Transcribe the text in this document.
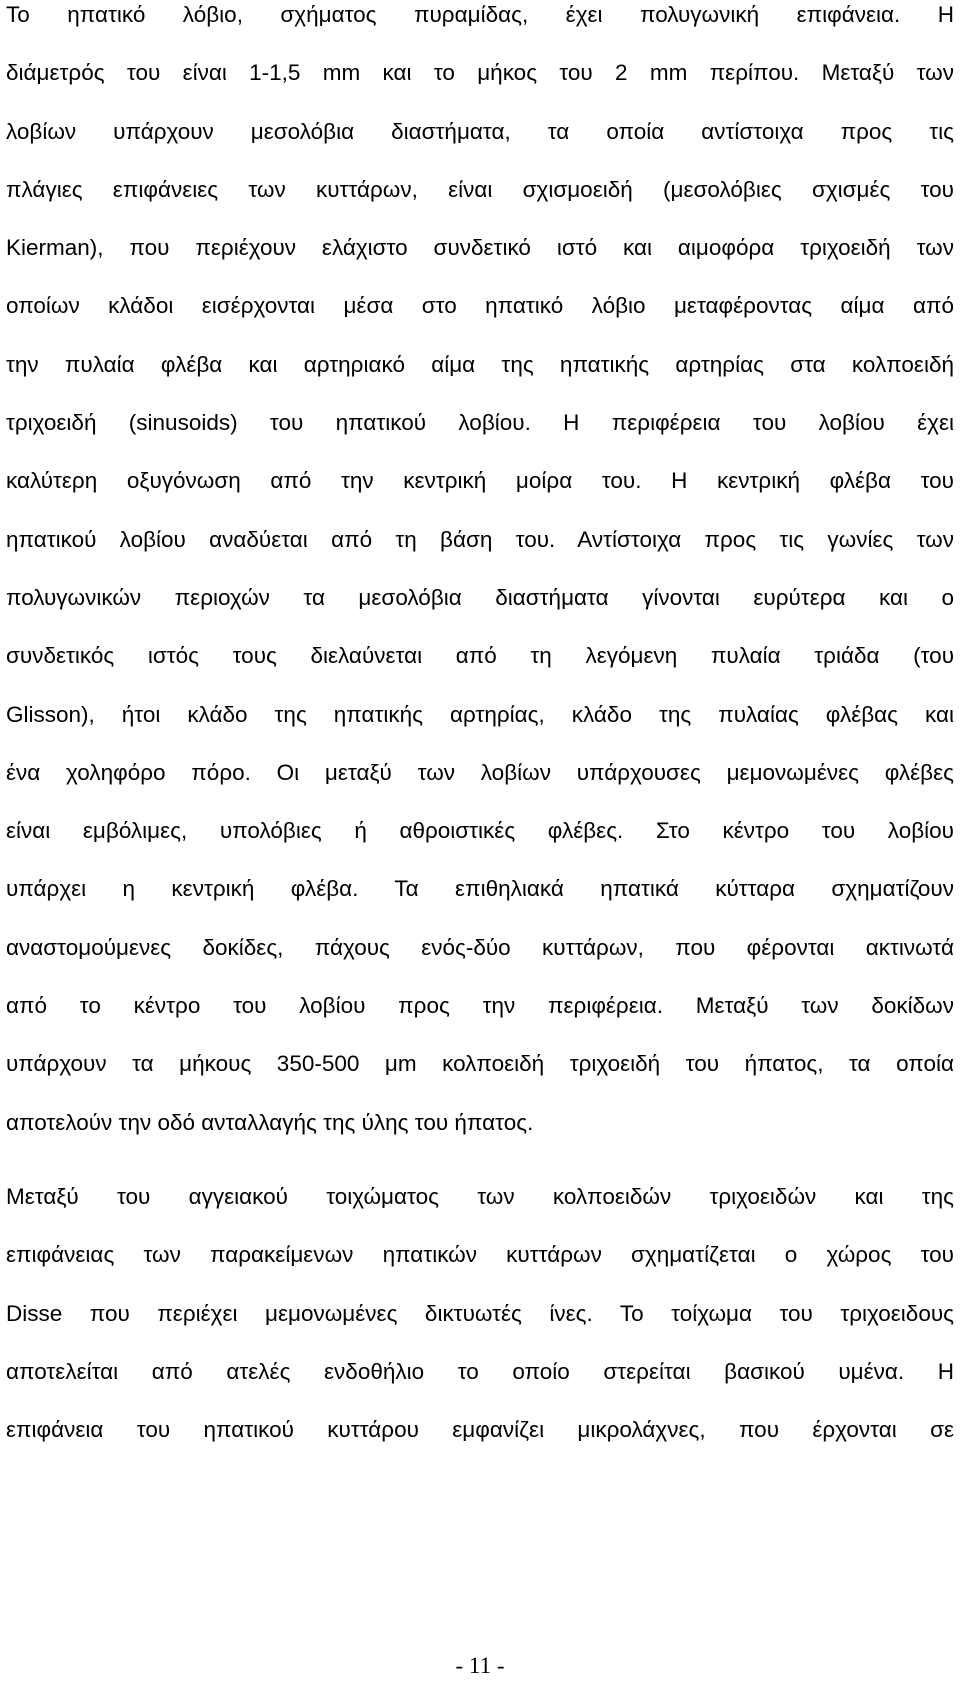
Το ηπατικό λόβιο, σχήματος πυραμίδας, έχει πολυγωνική επιφάνεια. Η
διάμετρός του είναι 1-1,5 mm και το μήκος του 2 mm περίπου. Μεταξύ των
λοβίων υπάρχουν μεσολόβια διαστήματα, τα οποία αντίστοιχα προς τις
πλάγιες επιφάνειες των κυττάρων, είναι σχισμοειδή (μεσολόβιες σχισμές του
Kierman), που περιέχουν ελάχιστο συνδετικό ιστό και αιμοφόρα τριχοειδή των
οποίων κλάδοι εισέρχονται μέσα στο ηπατικό λόβιο μεταφέροντας αίμα από
την πυλαία φλέβα και αρτηριακό αίμα της ηπατικής αρτηρίας στα κολποειδή
τριχοειδή (sinusoids) του ηπατικού λοβίου. Η περιφέρεια του λοβίου έχει
καλύτερη οξυγόνωση από την κεντρική μοίρα του. Η κεντρική φλέβα του
ηπατικού λοβίου αναδύεται από τη βάση του. Αντίστοιχα προς τις γωνίες των
πολυγωνικών περιοχών τα μεσολόβια διαστήματα γίνονται ευρύτερα και ο
συνδετικός ιστός τους διελαύνεται από τη λεγόμενη πυλαία τριάδα (του
Glisson), ήτοι κλάδο της ηπατικής αρτηρίας, κλάδο της πυλαίας φλέβας και
ένα χοληφόρο πόρο. Οι μεταξύ των λοβίων υπάρχουσες μεμονωμένες φλέβες
είναι εμβόλιμες, υπολόβιες ή αθροιστικές φλέβες. Στο κέντρο του λοβίου
υπάρχει η κεντρική φλέβα. Τα επιθηλιακά ηπατικά κύτταρα σχηματίζουν
αναστομούμενες δοκίδες, πάχους ενός-δύο κυττάρων, που φέρονται ακτινωτά
από το κέντρο του λοβίου προς την περιφέρεια. Μεταξύ των δοκίδων
υπάρχουν τα μήκους 350-500 μm κολποειδή τριχοειδή του ήπατος, τα οποία
αποτελούν την οδό ανταλλαγής της ύλης του ήπατος.
Μεταξύ του αγγειακού τοιχώματος των κολποειδών τριχοειδών και της
επιφάνειας των παρακείμενων ηπατικών κυττάρων σχηματίζεται ο χώρος του
Disse που περιέχει μεμονωμένες δικτυωτές ίνες. Το τοίχωμα του τριχοειδους
αποτελείται από ατελές ενδοθήλιο το οποίο στερείται βασικού υμένα. Η
επιφάνεια του ηπατικού κυττάρου εμφανίζει μικρολάχνες, που έρχονται σε
- 11 -
